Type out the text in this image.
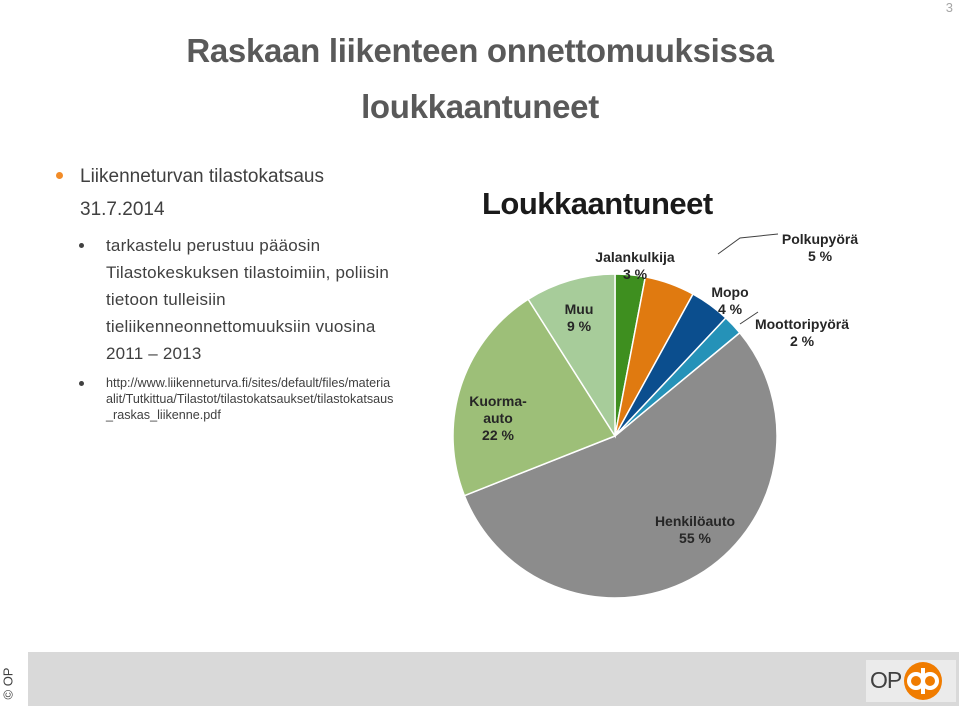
3
Raskaan liikenteen onnettomuuksissa
loukkaantuneet
Liikenneturvan tilastokatsaus
31.7.2014
tarkastelu perustuu pääosin Tilastokeskuksen tilastoimiin, poliisin tietoon tulleisiin tieliikenneonnettomuuksiin vuosina 2011 – 2013
http://www.liikenneturva.fi/sites/default/files/materiaalit/Tutkittua/Tilastot/tilastokatsaukset/tilastokatsaus_raskas_liikenne.pdf
Loukkaantuneet
Jalankulkija 3 %
Polkupyörä 5 %
Mopo 4 %
Moottoripyörä 2 %
Henkilöauto 55 %
Kuorma-auto 22 %
Muu 9 %
© OP	OP
